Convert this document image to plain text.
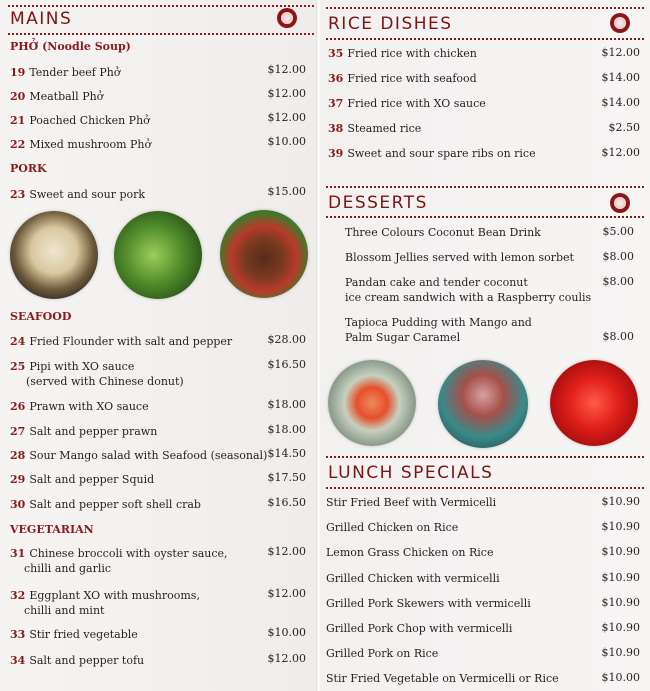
MAINS
PHỞ (Noodle Soup)
19 Tender beef Phở	$12.00
20 Meatball Phở	$12.00
21 Poached Chicken Phở	$12.00
22 Mixed mushroom Phở	$10.00
PORK
23 Sweet and sour pork	$15.00
SEAFOOD
24 Fried Flounder with salt and pepper	$28.00
25 Pipi with XO sauce
(served with Chinese donut)
$16.50
26 Prawn with XO sauce	$18.00
27 Salt and pepper prawn	$18.00
28 Sour Mango salad with Seafood (seasonal) $14.50
29 Salt and pepper Squid	$17.50
30 Salt and pepper soft shell crab	$16.50
VEGETARIAN
31 Chinese broccoli with oyster sauce,
chilli and garlic
$12.00
32 Eggplant XO with mushrooms,
chilli and mint
$12.00
33 Stir fried vegetable	$10.00
34 Salt and pepper tofu	$12.00
RICE DISHES
35 Fried rice with chicken	$12.00
36 Fried rice with seafood	$14.00
37 Fried rice with XO sauce	$14.00
38 Steamed rice	$2.50
39 Sweet and sour spare ribs on rice	$12.00
DESSERTS
Three Colours Coconut Bean Drink	$5.00
Blossom Jellies served with lemon sorbet	$8.00
Pandan cake and tender coconut
ice cream sandwich with a Raspberry coulis
$8.00
Tapioca Pudding with Mango and
Palm Sugar Caramel	$8.00
LUNCH SPECIALS
Stir Fried Beef with Vermicelli	$10.90
Grilled Chicken on Rice	$10.90
Lemon Grass Chicken on Rice	$10.90
Grilled Chicken with vermicelli	$10.90
Grilled Pork Skewers with vermicelli	$10.90
Grilled Pork Chop with vermicelli	$10.90
Grilled Pork on Rice	$10.90
Stir Fried Vegetable on Vermicelli or Rice	$10.00
